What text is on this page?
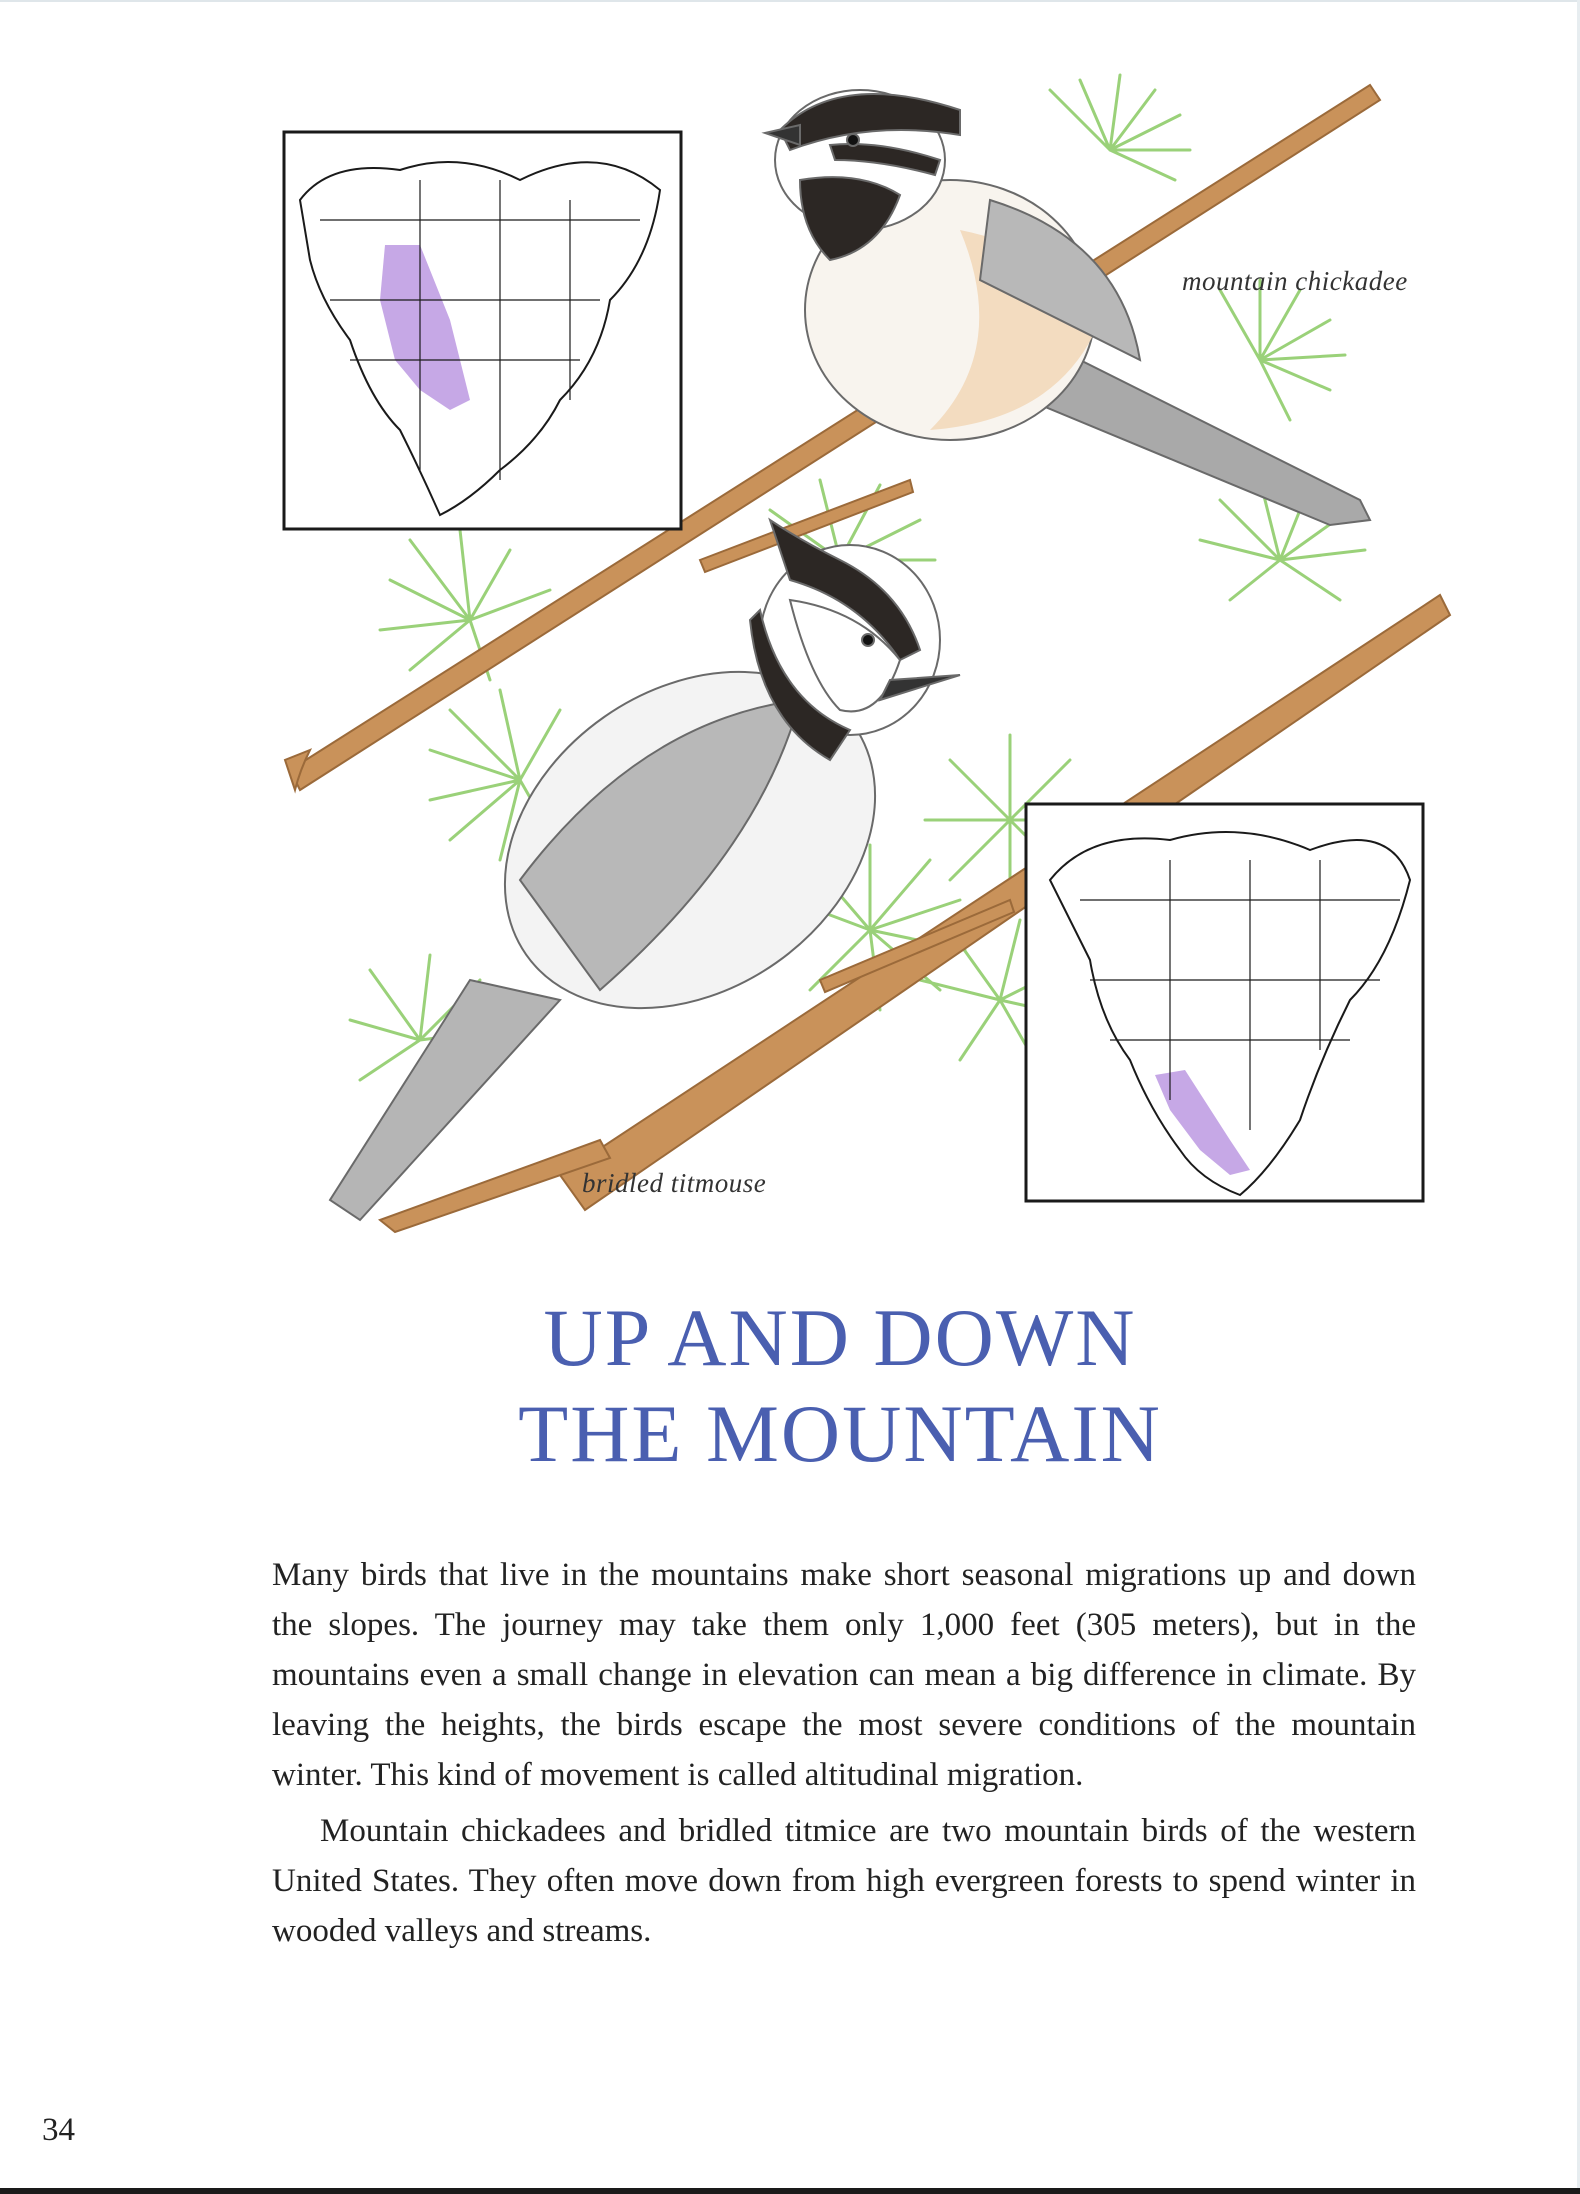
mountain chickadee
bridled titmouse
UP AND DOWN
THE MOUNTAIN

Many birds that live in the mountains make short seasonal migrations up and down the slopes. The journey may take them only 1,000 feet (305 meters), but in the mountains even a small change in elevation can mean a big difference in climate. By leaving the heights, the birds escape the most severe conditions of the mountain winter. This kind of movement is called altitudinal migration.

Mountain chickadees and bridled titmice are two mountain birds of the western United States. They often move down from high evergreen forests to spend winter in wooded valleys and streams.

34
